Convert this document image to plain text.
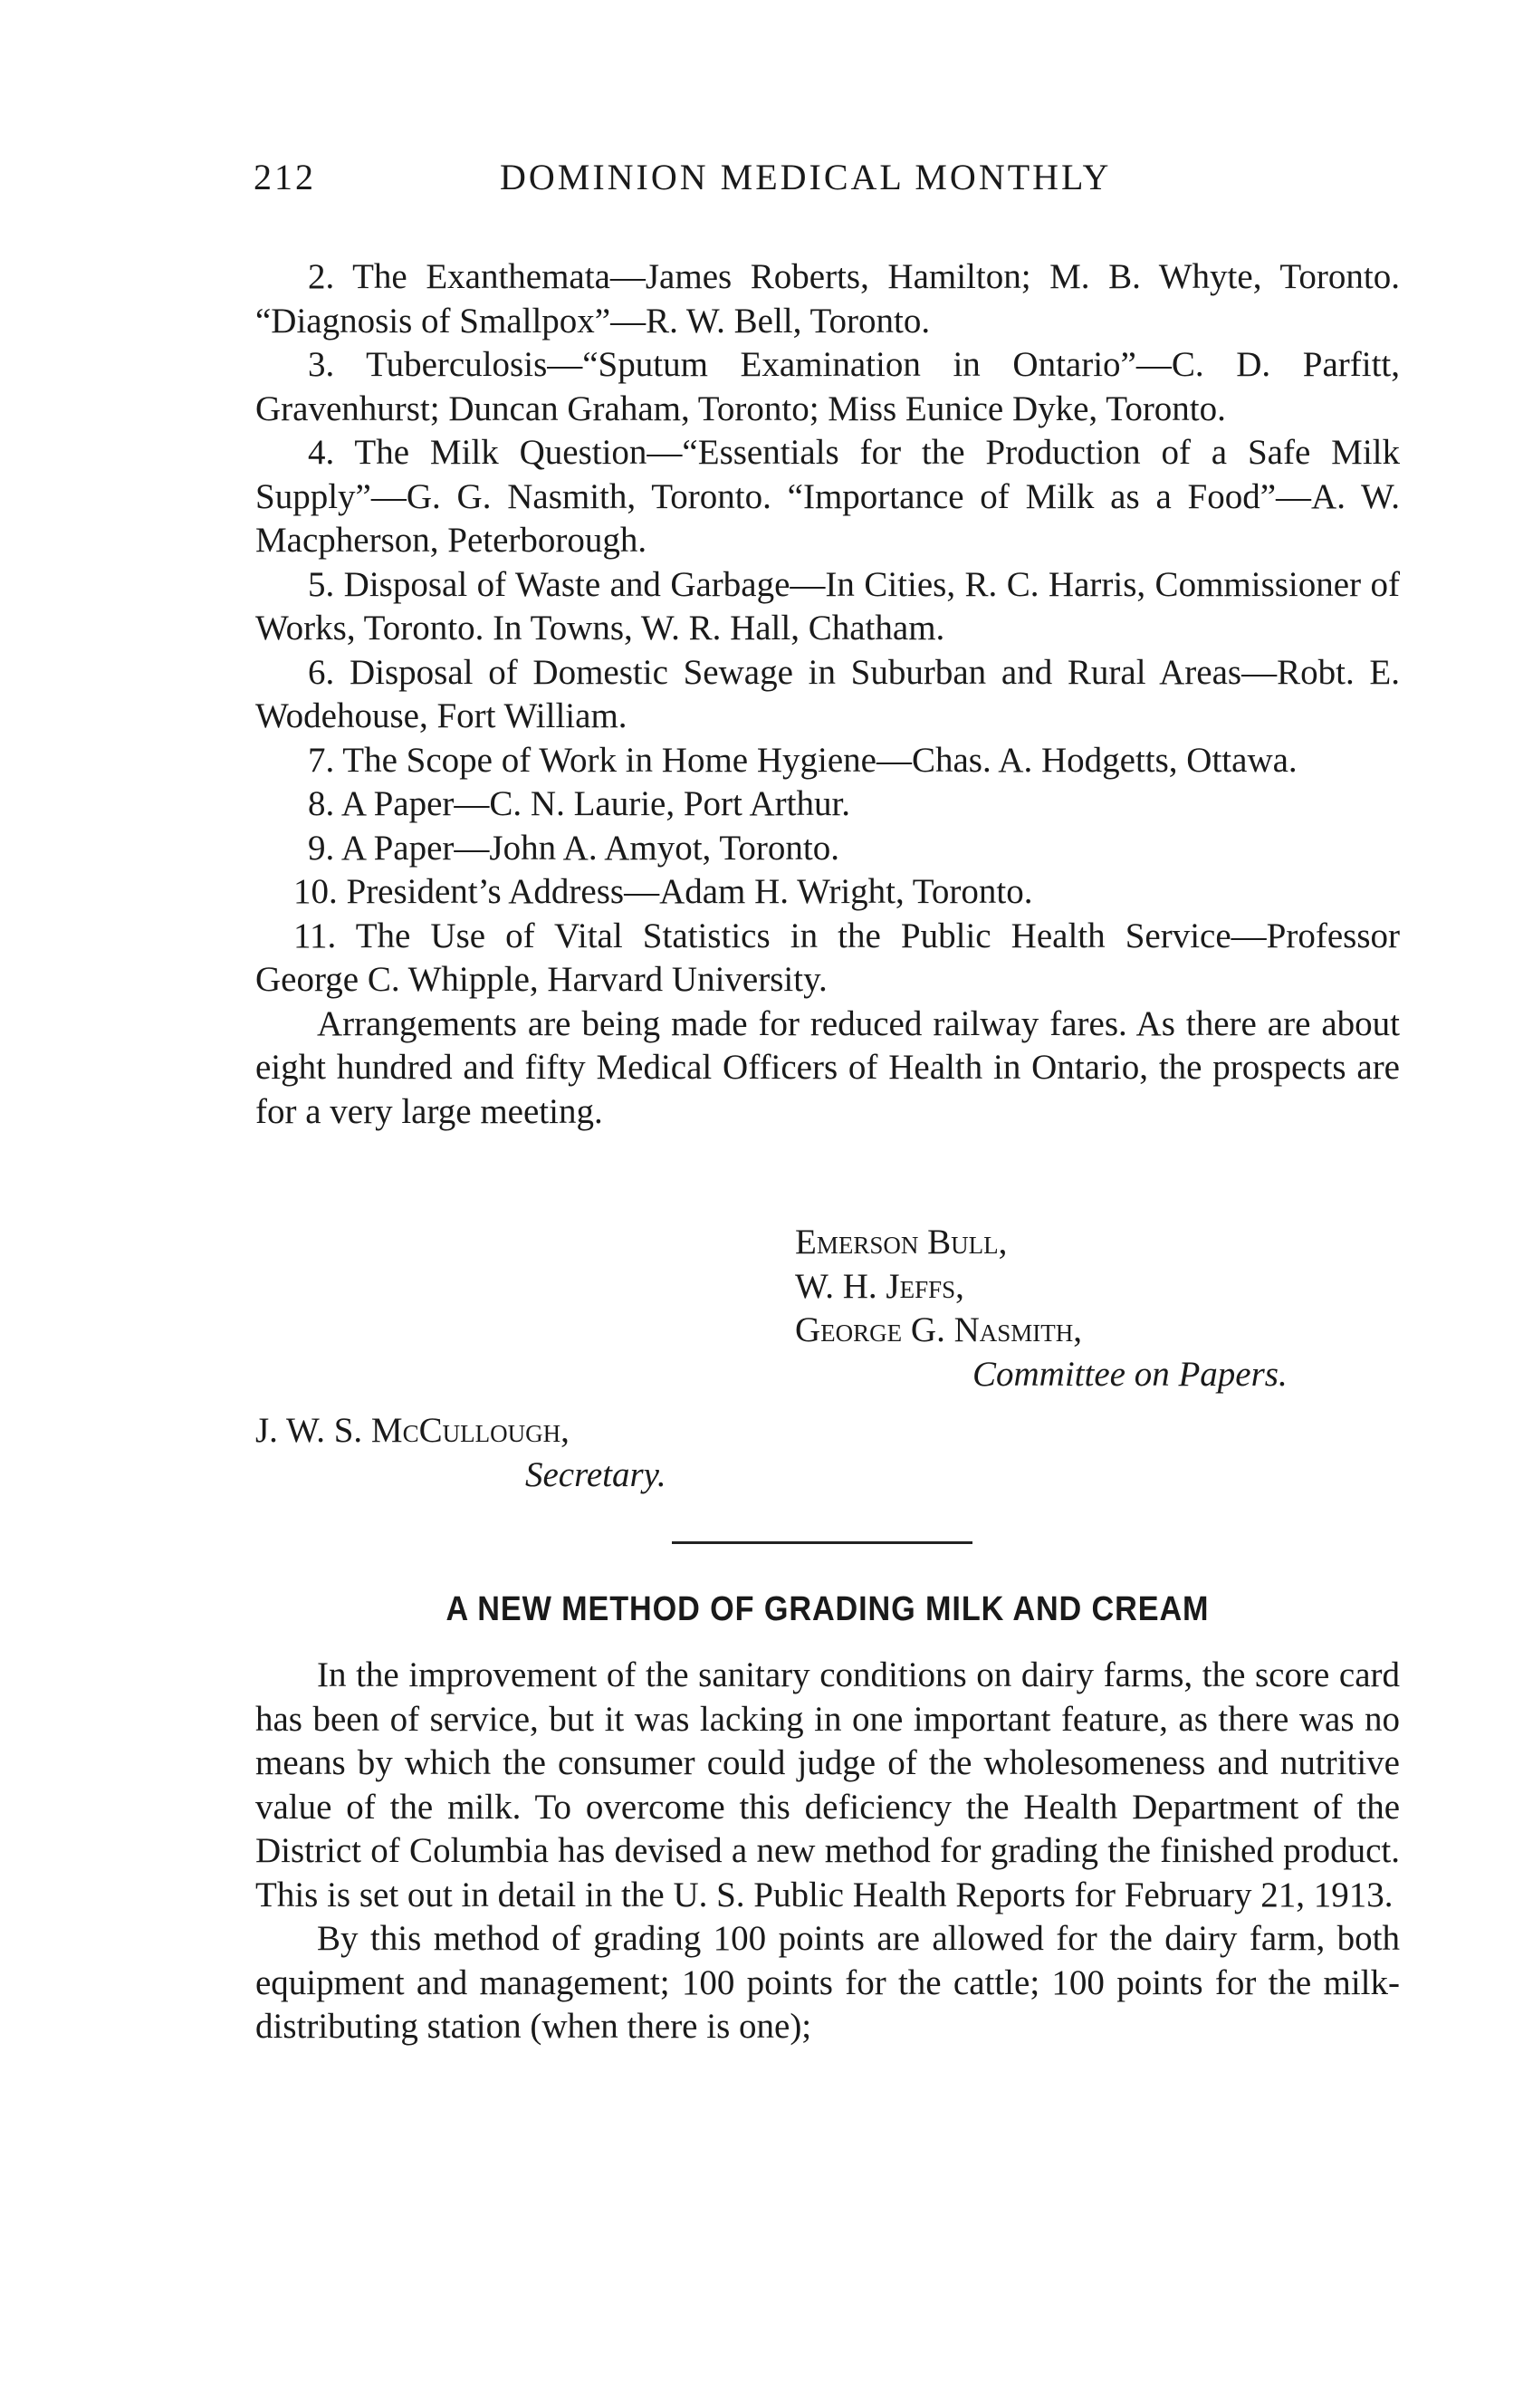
212	DOMINION MEDICAL MONTHLY

2. The Exanthemata—James Roberts, Hamilton; M. B. Whyte, Toronto. “Diagnosis of Smallpox”—R. W. Bell, Toronto.

3. Tuberculosis—“Sputum Examination in Ontario”—C. D. Parfitt, Gravenhurst; Duncan Graham, Toronto; Miss Eunice Dyke, Toronto.

4. The Milk Question—“Essentials for the Production of a Safe Milk Supply”—G. G. Nasmith, Toronto. “Importance of Milk as a Food”—A. W. Macpherson, Peterborough.

5. Disposal of Waste and Garbage—In Cities, R. C. Harris, Commissioner of Works, Toronto. In Towns, W. R. Hall, Chatham.

6. Disposal of Domestic Sewage in Suburban and Rural Areas—Robt. E. Wodehouse, Fort William.

7. The Scope of Work in Home Hygiene—Chas. A. Hodgetts, Ottawa.

8. A Paper—C. N. Laurie, Port Arthur.

9. A Paper—John A. Amyot, Toronto.

10. President’s Address—Adam H. Wright, Toronto.

11. The Use of Vital Statistics in the Public Health Service—Professor George C. Whipple, Harvard University.

Arrangements are being made for reduced railway fares. As there are about eight hundred and fifty Medical Officers of Health in Ontario, the prospects are for a very large meeting.

Emerson Bull,
W. H. Jeffs,
George G. Nasmith,
Committee on Papers.
J. W. S. McCullough,
Secretary.
A NEW METHOD OF GRADING MILK AND CREAM

In the improvement of the sanitary conditions on dairy farms, the score card has been of service, but it was lacking in one important feature, as there was no means by which the consumer could judge of the wholesomeness and nutritive value of the milk. To overcome this deficiency the Health Department of the District of Columbia has devised a new method for grading the finished product. This is set out in detail in the U. S. Public Health Reports for February 21, 1913.

By this method of grading 100 points are allowed for the dairy farm, both equipment and management; 100 points for the cattle; 100 points for the milk-distributing station (when there is one);
